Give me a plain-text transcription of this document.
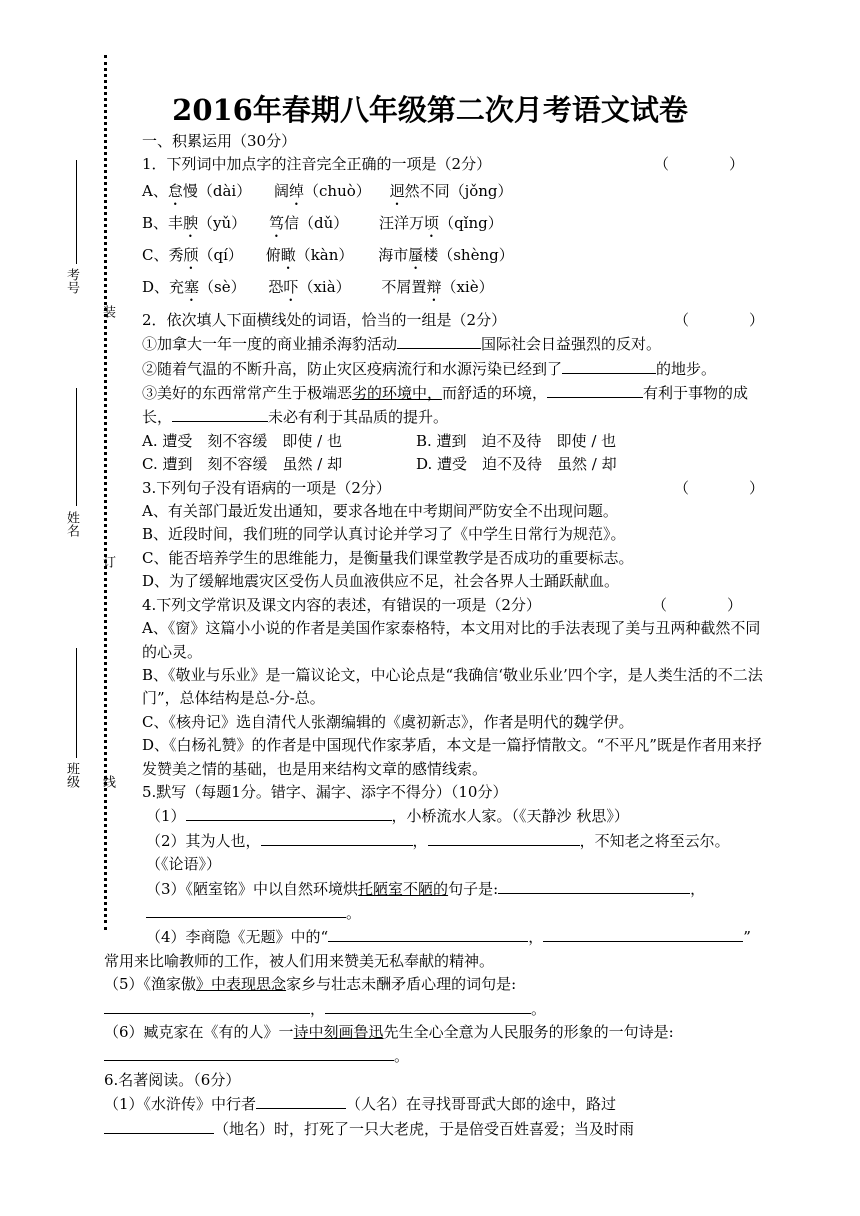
考号
姓名
班级
装
订
线
2016年春期八年级第二次月考语文试卷
一、积累运用（30分）
1．下列词中加点字的注音完全正确的一项是（2分）	（　　　　）
A、怠慢（dài） 阔绰（chuò） 迥然不同（jǒng）
B、丰腴（yǔ） 笃信（dǔ） 汪洋万顷（qǐng）
C、秀颀（qí） 俯瞰（kàn） 海市蜃楼（shèng）
D、充塞（sè） 恐吓（xià） 不屑置辩（xiè）
2．依次填人下面横线处的词语，恰当的一组是（2分）	（　　　　）
①加拿大一年一度的商业捕杀海豹活动	国际社会日益强烈的反对。
②随着气温的不断升高，防止灾区疫病流行和水源污染已经到了	的地步。
③美好的东西常常产生于极端恶劣的环境中，而舒适的环境，	有利于事物的成长，	未必有利于其品质的提升。
A. 遭受　刻不容缓　即使 / 也	B. 遭到　迫不及待　即使 / 也
C. 遭到　刻不容缓　虽然 / 却	D. 遭受　迫不及待　虽然 / 却
3.下列句子没有语病的一项是（2分）	（　　　　）
A、有关部门最近发出通知，要求各地在中考期间严防安全不出现问题。
B、近段时间，我们班的同学认真讨论并学习了《中学生日常行为规范》。
C、能否培养学生的思维能力，是衡量我们课堂教学是否成功的重要标志。
D、为了缓解地震灾区受伤人员血液供应不足，社会各界人士踊跃献血。
4.下列文学常识及课文内容的表述，有错误的一项是（2分）	（　　　　）
A、《窗》这篇小小说的作者是美国作家泰格特，本文用对比的手法表现了美与丑两种截然不同的心灵。
B、《敬业与乐业》是一篇议论文，中心论点是“我确信‘敬业乐业’四个字，是人类生活的不二法门”，总体结构是总-分-总。
C、《核舟记》选自清代人张潮编辑的《虞初新志》，作者是明代的魏学伊。
D、《白杨礼赞》的作者是中国现代作家茅盾，本文是一篇抒情散文。“不平凡”既是作者用来抒发赞美之情的基础，也是用来结构文章的感情线索。
5.默写（每题1分。错字、漏字、添字不得分）（10分）
（1）	，小桥流水人家。（《天静沙 秋思》）
（2）其为人也，	，	，不知老之将至云尔。
（《论语》）
（3）《陋室铭》中以自然环境烘托陋室不陋的句子是:	，
。
（4）李商隐《无题》中的“	，	”
常用来比喻教师的工作，被人们用来赞美无私奉献的精神。
（5）《渔家傲》中表现思念家乡与壮志未酬矛盾心理的词句是:
，	。
（6）臧克家在《有的人》一诗中刻画鲁迅先生全心全意为人民服务的形象的一句诗是:
。
6.名著阅读。（6分）
（1）《水浒传》中行者	（人名）在寻找哥哥武大郎的途中，路过
（地名）时，打死了一只大老虎，于是倍受百姓喜爱；当及时雨
